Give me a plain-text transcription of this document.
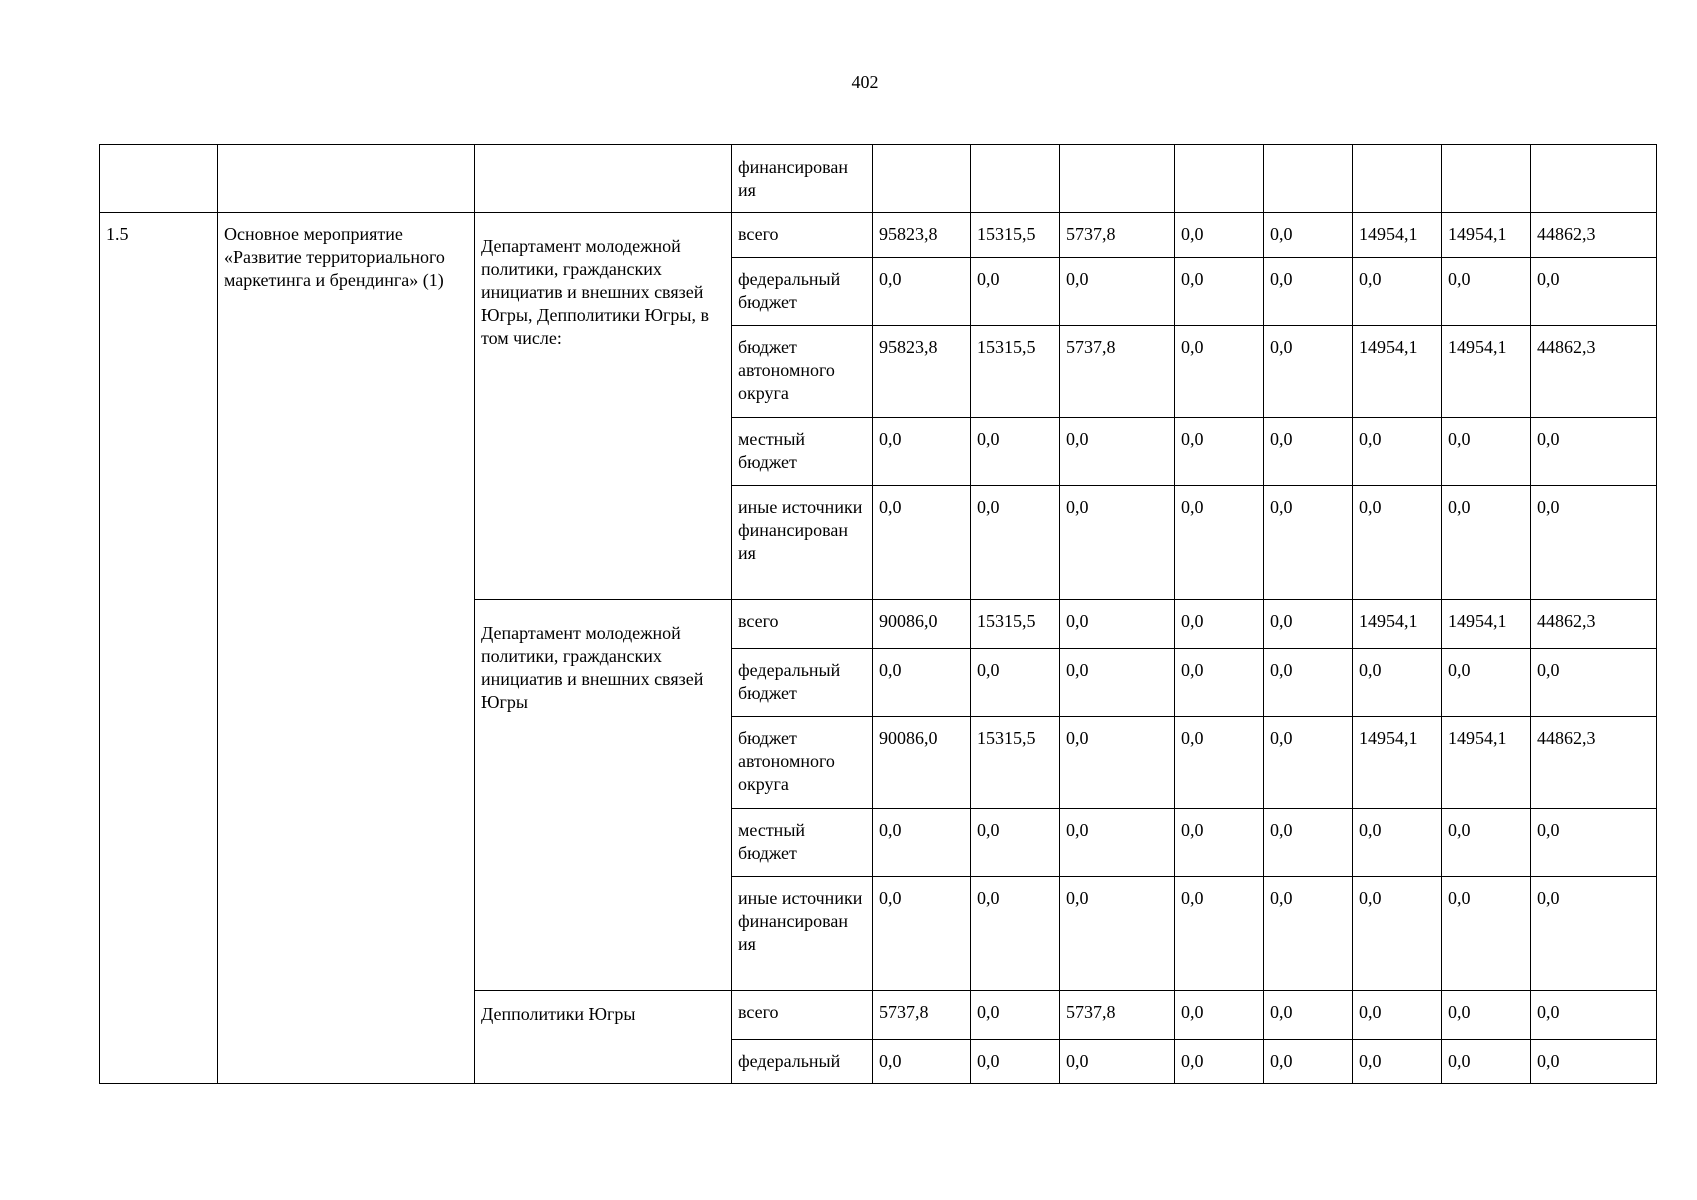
402
			финансирован ия								
1.5	Основное мероприятие «Развитие территориального маркетинга и брендинга» (1)	Департамент молодежной политики, гражданских инициатив и внешних связей Югры, Депполитики Югры, в том числе:	всего	95823,8	15315,5	5737,8	0,0	0,0	14954,1	14954,1	44862,3
			федеральный бюджет	0,0	0,0	0,0	0,0	0,0	0,0	0,0	0,0
			бюджет автономного округа	95823,8	15315,5	5737,8	0,0	0,0	14954,1	14954,1	44862,3
			местный бюджет	0,0	0,0	0,0	0,0	0,0	0,0	0,0	0,0
			иные источники финансирован ия	0,0	0,0	0,0	0,0	0,0	0,0	0,0	0,0
		Департамент молодежной политики, гражданских инициатив и внешних связей Югры	всего	90086,0	15315,5	0,0	0,0	0,0	14954,1	14954,1	44862,3
			федеральный бюджет	0,0	0,0	0,0	0,0	0,0	0,0	0,0	0,0
			бюджет автономного округа	90086,0	15315,5	0,0	0,0	0,0	14954,1	14954,1	44862,3
			местный бюджет	0,0	0,0	0,0	0,0	0,0	0,0	0,0	0,0
			иные источники финансирован ия	0,0	0,0	0,0	0,0	0,0	0,0	0,0	0,0
		Депполитики Югры	всего	5737,8	0,0	5737,8	0,0	0,0	0,0	0,0	0,0
			федеральный	0,0	0,0	0,0	0,0	0,0	0,0	0,0	0,0
